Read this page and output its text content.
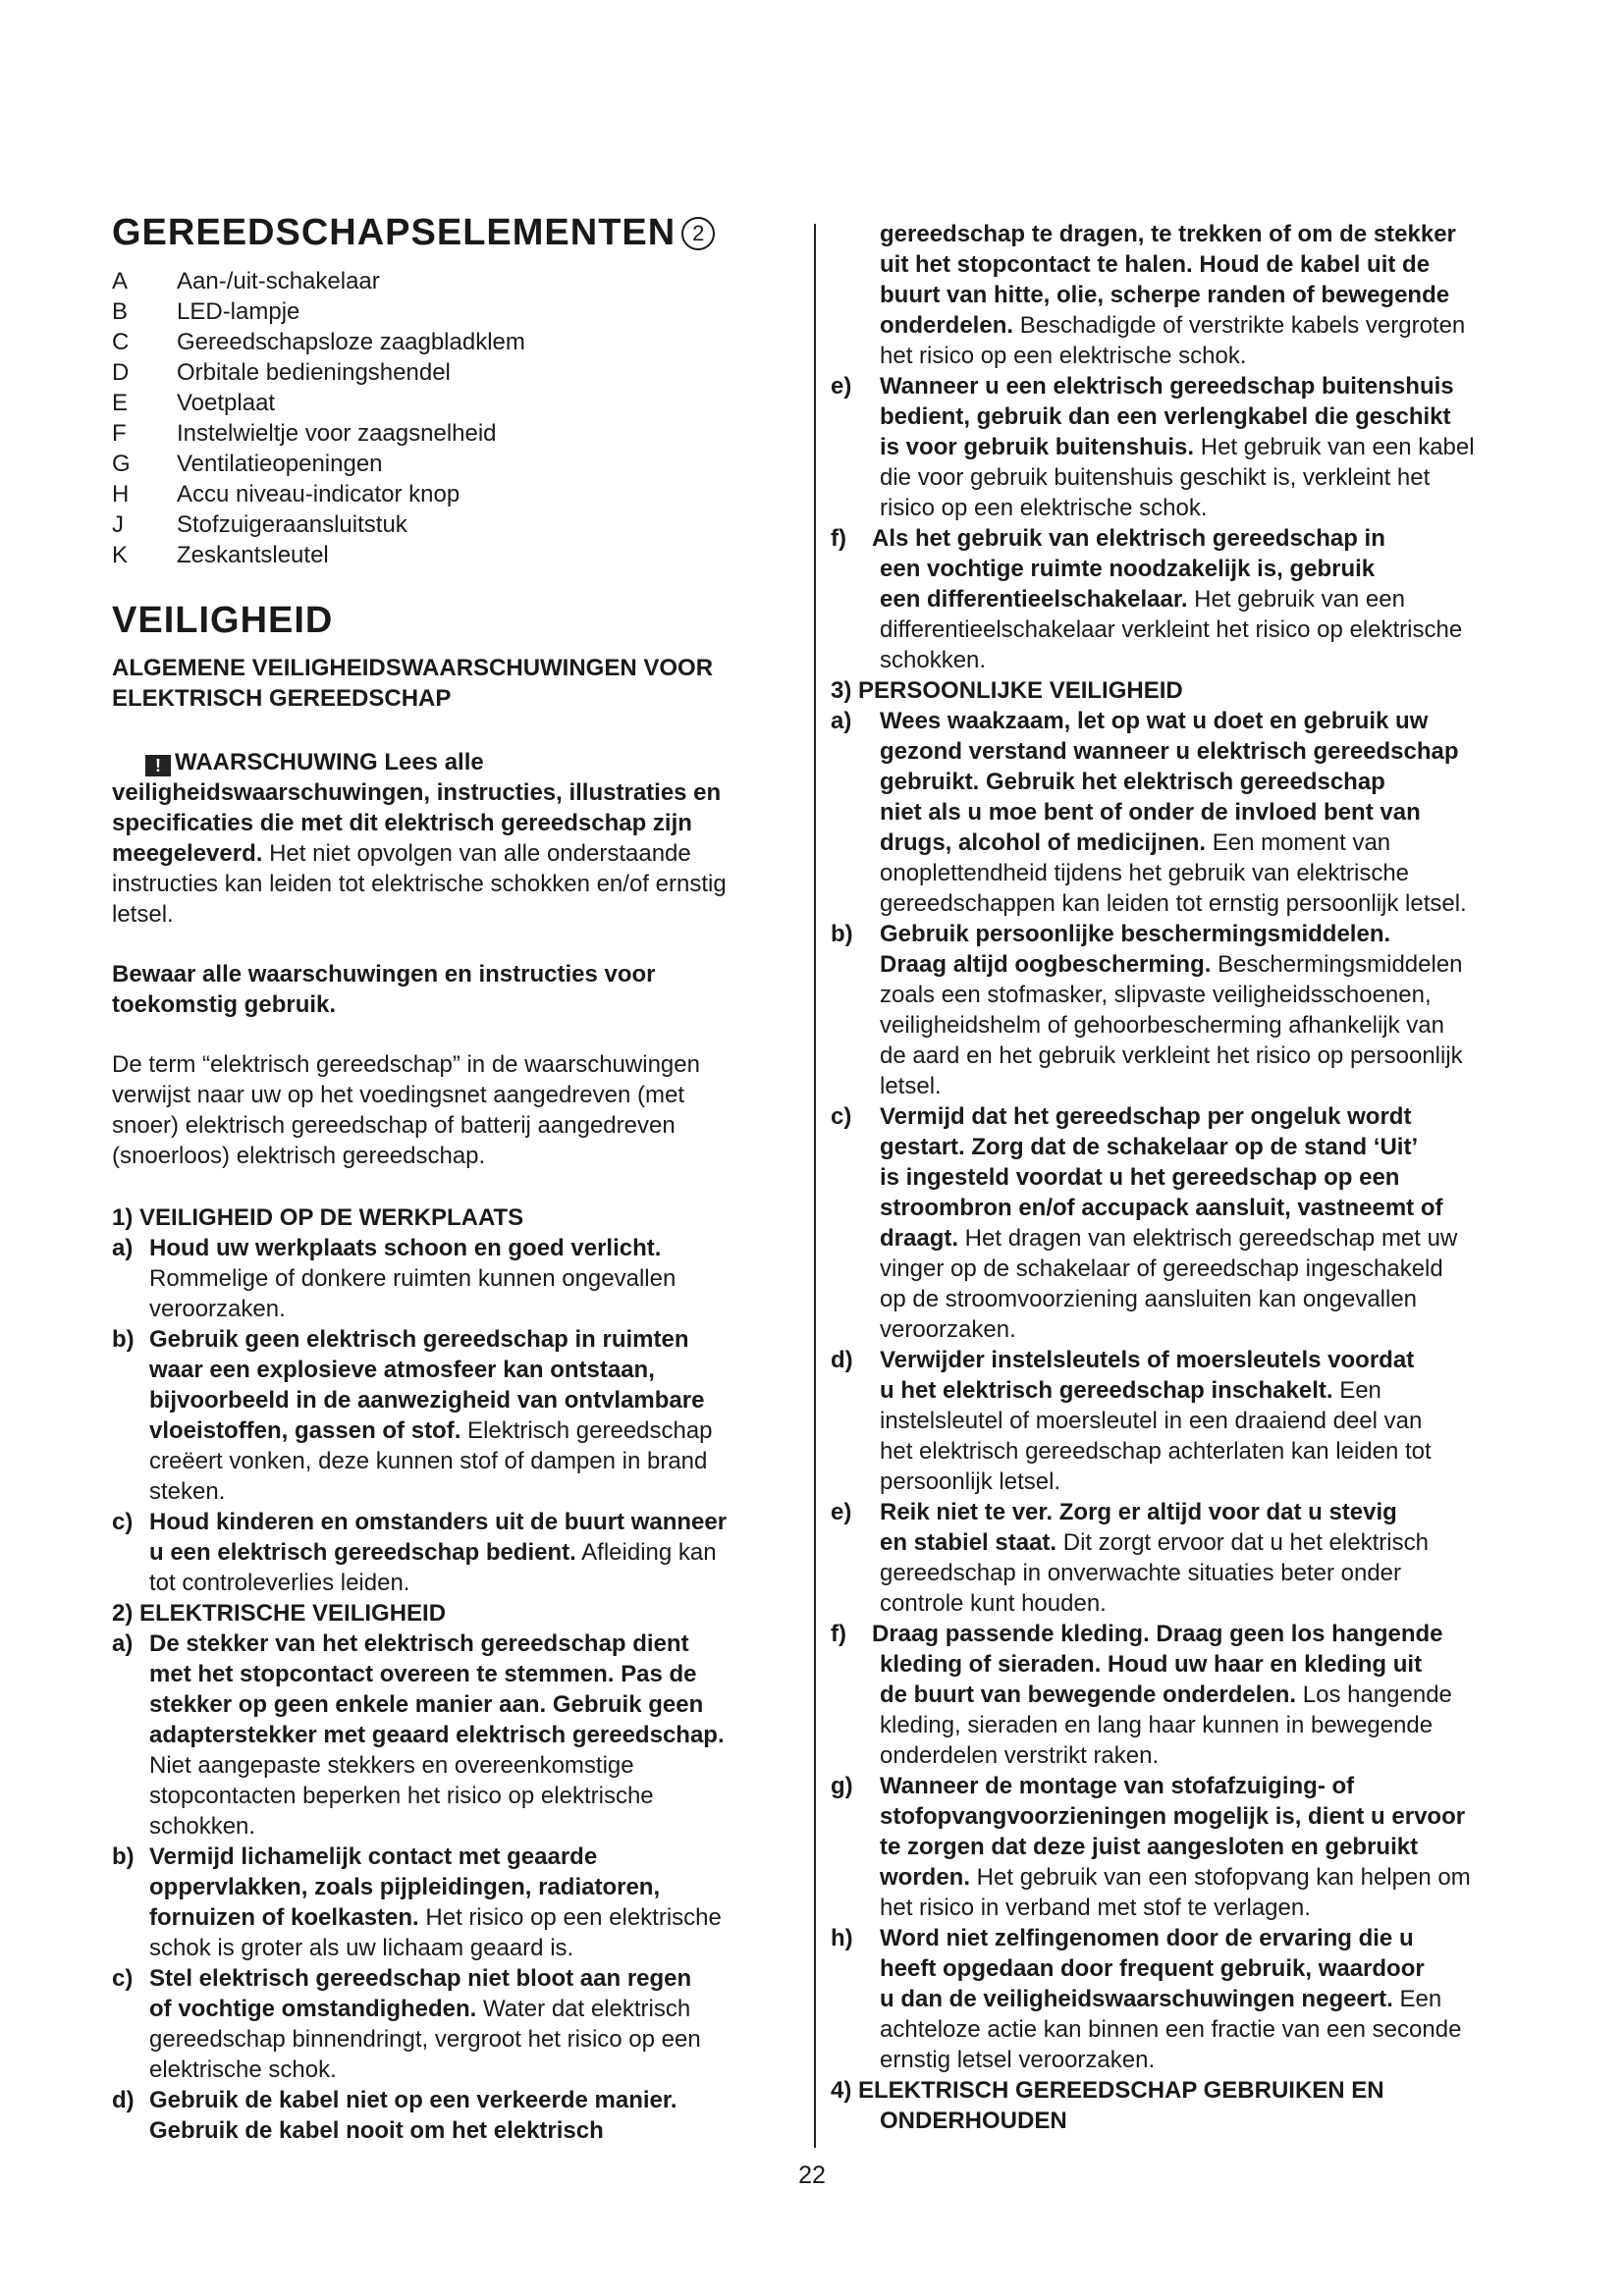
GEREEDSCHAPSELEMENTEN 2
A Aan-/uit-schakelaar
B LED-lampje
C Gereedschapsloze zaagbladklem
D Orbitale bedieningshendel
E Voetplaat
F Instelwieltje voor zaagsnelheid
G Ventilatieopeningen
H Accu niveau-indicator knop
J Stofzuigeraansluitstuk
K Zeskantsleutel
VEILIGHEID
ALGEMENE VEILIGHEIDSWAARSCHUWINGEN VOOR
ELEKTRISCH GEREEDSCHAP
! WAARSCHUWING Lees alle
veiligheidswaarschuwingen, instructies, illustraties en
specificaties die met dit elektrisch gereedschap zijn
meegeleverd. Het niet opvolgen van alle onderstaande
instructies kan leiden tot elektrische schokken en/of ernstig
letsel.
Bewaar alle waarschuwingen en instructies voor
toekomstig gebruik.
De term “elektrisch gereedschap” in de waarschuwingen
verwijst naar uw op het voedingsnet aangedreven (met
snoer) elektrisch gereedschap of batterij aangedreven
(snoerloos) elektrisch gereedschap.
1) VEILIGHEID OP DE WERKPLAATS
a) Houd uw werkplaats schoon en goed verlicht.
Rommelige of donkere ruimten kunnen ongevallen
veroorzaken.
b) Gebruik geen elektrisch gereedschap in ruimten
waar een explosieve atmosfeer kan ontstaan,
bijvoorbeeld in de aanwezigheid van ontvlambare
vloeistoffen, gassen of stof. Elektrisch gereedschap
creëert vonken, deze kunnen stof of dampen in brand
steken.
c) Houd kinderen en omstanders uit de buurt wanneer
u een elektrisch gereedschap bedient. Afleiding kan
tot controleverlies leiden.
2) ELEKTRISCHE VEILIGHEID
a) De stekker van het elektrisch gereedschap dient
met het stopcontact overeen te stemmen. Pas de
stekker op geen enkele manier aan. Gebruik geen
adapterstekker met geaard elektrisch gereedschap.
Niet aangepaste stekkers en overeenkomstige
stopcontacten beperken het risico op elektrische
schokken.
b) Vermijd lichamelijk contact met geaarde
oppervlakken, zoals pijpleidingen, radiatoren,
fornuizen of koelkasten. Het risico op een elektrische
schok is groter als uw lichaam geaard is.
c) Stel elektrisch gereedschap niet bloot aan regen
of vochtige omstandigheden. Water dat elektrisch
gereedschap binnendringt, vergroot het risico op een
elektrische schok.
d) Gebruik de kabel niet op een verkeerde manier.
Gebruik de kabel nooit om het elektrisch
gereedschap te dragen, te trekken of om de stekker
uit het stopcontact te halen. Houd de kabel uit de
buurt van hitte, olie, scherpe randen of bewegende
onderdelen. Beschadigde of verstrikte kabels vergroten
het risico op een elektrische schok.
e) Wanneer u een elektrisch gereedschap buitenshuis
bedient, gebruik dan een verlengkabel die geschikt
is voor gebruik buitenshuis. Het gebruik van een kabel
die voor gebruik buitenshuis geschikt is, verkleint het
risico op een elektrische schok.
f) Als het gebruik van elektrisch gereedschap in
een vochtige ruimte noodzakelijk is, gebruik
een differentieelschakelaar. Het gebruik van een
differentieelschakelaar verkleint het risico op elektrische
schokken.
3) PERSOONLIJKE VEILIGHEID
a) Wees waakzaam, let op wat u doet en gebruik uw
gezond verstand wanneer u elektrisch gereedschap
gebruikt. Gebruik het elektrisch gereedschap
niet als u moe bent of onder de invloed bent van
drugs, alcohol of medicijnen. Een moment van
onoplettendheid tijdens het gebruik van elektrische
gereedschappen kan leiden tot ernstig persoonlijk letsel.
b) Gebruik persoonlijke beschermingsmiddelen.
Draag altijd oogbescherming. Beschermingsmiddelen
zoals een stofmasker, slipvaste veiligheidsschoenen,
veiligheidshelm of gehoorbescherming afhankelijk van
de aard en het gebruik verkleint het risico op persoonlijk
letsel.
c) Vermijd dat het gereedschap per ongeluk wordt
gestart. Zorg dat de schakelaar op de stand ‘Uit’
is ingesteld voordat u het gereedschap op een
stroombron en/of accupack aansluit, vastneemt of
draagt. Het dragen van elektrisch gereedschap met uw
vinger op de schakelaar of gereedschap ingeschakeld
op de stroomvoorziening aansluiten kan ongevallen
veroorzaken.
d) Verwijder instelsleutels of moersleutels voordat
u het elektrisch gereedschap inschakelt. Een
instelsleutel of moersleutel in een draaiend deel van
het elektrisch gereedschap achterlaten kan leiden tot
persoonlijk letsel.
e) Reik niet te ver. Zorg er altijd voor dat u stevig
en stabiel staat. Dit zorgt ervoor dat u het elektrisch
gereedschap in onverwachte situaties beter onder
controle kunt houden.
f) Draag passende kleding. Draag geen los hangende
kleding of sieraden. Houd uw haar en kleding uit
de buurt van bewegende onderdelen. Los hangende
kleding, sieraden en lang haar kunnen in bewegende
onderdelen verstrikt raken.
g) Wanneer de montage van stofafzuiging- of
stofopvangvoorzieningen mogelijk is, dient u ervoor
te zorgen dat deze juist aangesloten en gebruikt
worden. Het gebruik van een stofopvang kan helpen om
het risico in verband met stof te verlagen.
h) Word niet zelfingenomen door de ervaring die u
heeft opgedaan door frequent gebruik, waardoor
u dan de veiligheidswaarschuwingen negeert. Een
achteloze actie kan binnen een fractie van een seconde
ernstig letsel veroorzaken.
4) ELEKTRISCH GEREEDSCHAP GEBRUIKEN EN
ONDERHOUDEN
22
